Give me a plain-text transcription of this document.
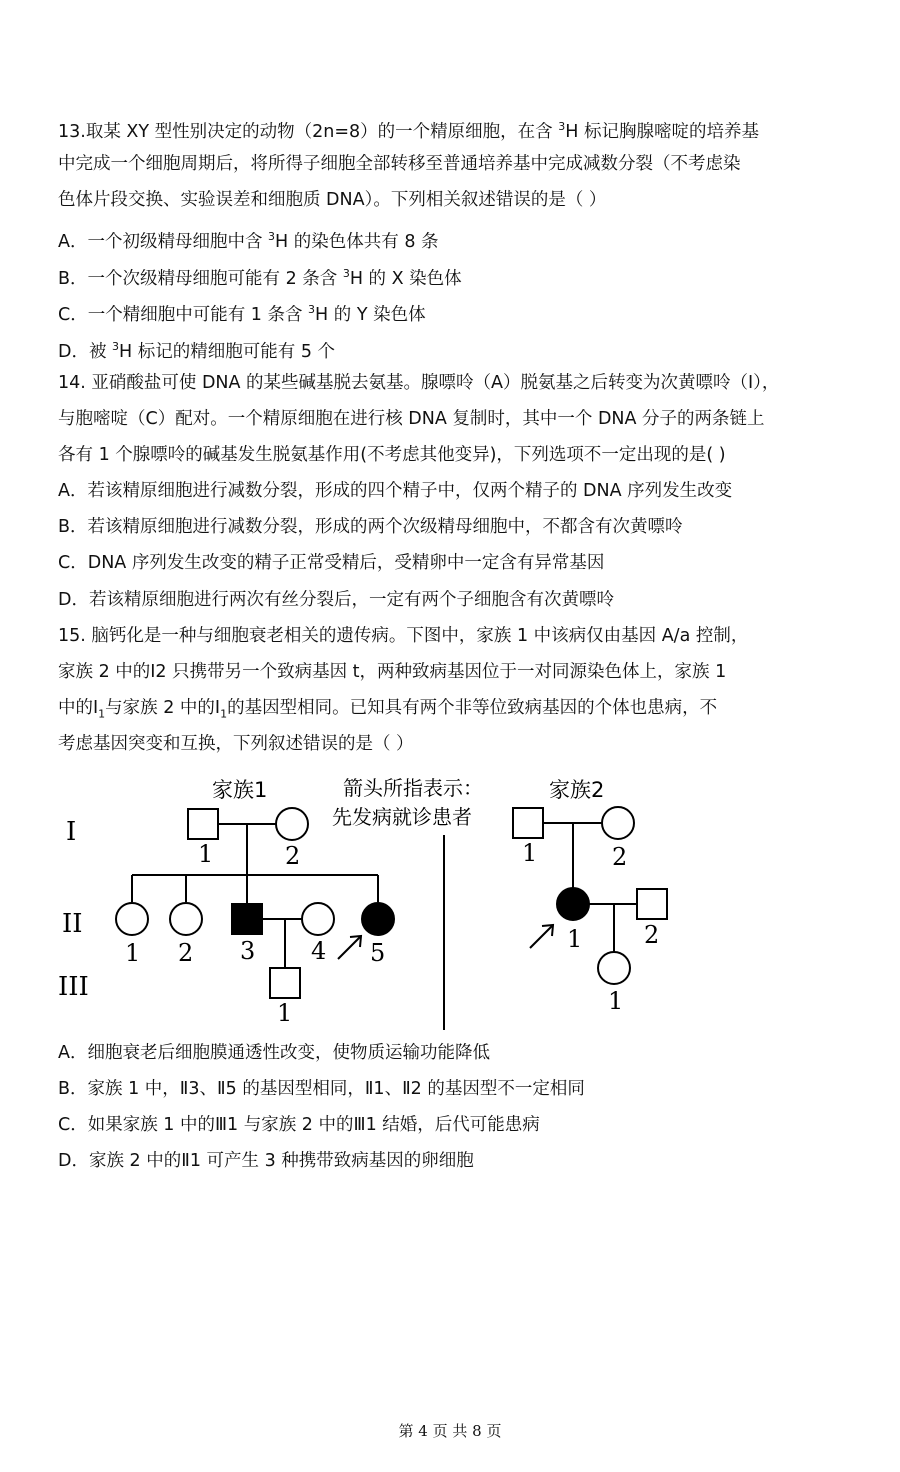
13.取某 XY 型性别决定的动物（2n=8）的一个精原细胞，在含 $^3$H 标记胸腺嘧啶的培养基
中完成一个细胞周期后，将所得子细胞全部转移至普通培养基中完成减数分裂（不考虑染
色体片段交换、实验误差和细胞质 DNA）。下列相关叙述错误的是（ ）
A．一个初级精母细胞中含 $^3$H 的染色体共有 8 条
B．一个次级精母细胞可能有 2 条含 $^3$H 的 X 染色体
C．一个精细胞中可能有 1 条含 $^3$H 的 Y 染色体
D．被 $^3$H 标记的精细胞可能有 5 个
14. 亚硝酸盐可使 DNA 的某些碱基脱去氨基。腺嘌呤（A）脱氨基之后转变为次黄嘌呤（I），
与胞嘧啶（C）配对。一个精原细胞在进行核 DNA 复制时，其中一个 DNA 分子的两条链上
各有 1 个腺嘌呤的碱基发生脱氨基作用(不考虑其他变异)，下列选项不一定出现的是( )
A．若该精原细胞进行减数分裂，形成的四个精子中，仅两个精子的 DNA 序列发生改变
B．若该精原细胞进行减数分裂，形成的两个次级精母细胞中，不都含有次黄嘌呤
C．DNA 序列发生改变的精子正常受精后，受精卵中一定含有异常基因
D．若该精原细胞进行两次有丝分裂后，一定有两个子细胞含有次黄嘌呤
15. 脑钙化是一种与细胞衰老相关的遗传病。下图中，家族 1 中该病仅由基因 A/a 控制，
家族 2 中的Ⅰ2 只携带另一个致病基因 t，两种致病基因位于一对同源染色体上，家族 1
中的$Ⅰ_1$与家族 2 中的$Ⅰ_1$的基因型相同。已知具有两个非等位致病基因的个体也患病，不
考虑基因突变和互换，下列叙述错误的是（ ）
家族1	箭头所指表示：
先发病就诊患者
家族2
I
II
III
1	2
1 2 3 4 5
1
1	2
1	2
1
A．细胞衰老后细胞膜通透性改变，使物质运输功能降低
B．家族 1 中，Ⅱ3、Ⅱ5 的基因型相同，Ⅱ1、Ⅱ2 的基因型不一定相同
C．如果家族 1 中的Ⅲ1 与家族 2 中的Ⅲ1 结婚，后代可能患病
D．家族 2 中的Ⅱ1 可产生 3 种携带致病基因的卵细胞
第 4 页 共 8 页
